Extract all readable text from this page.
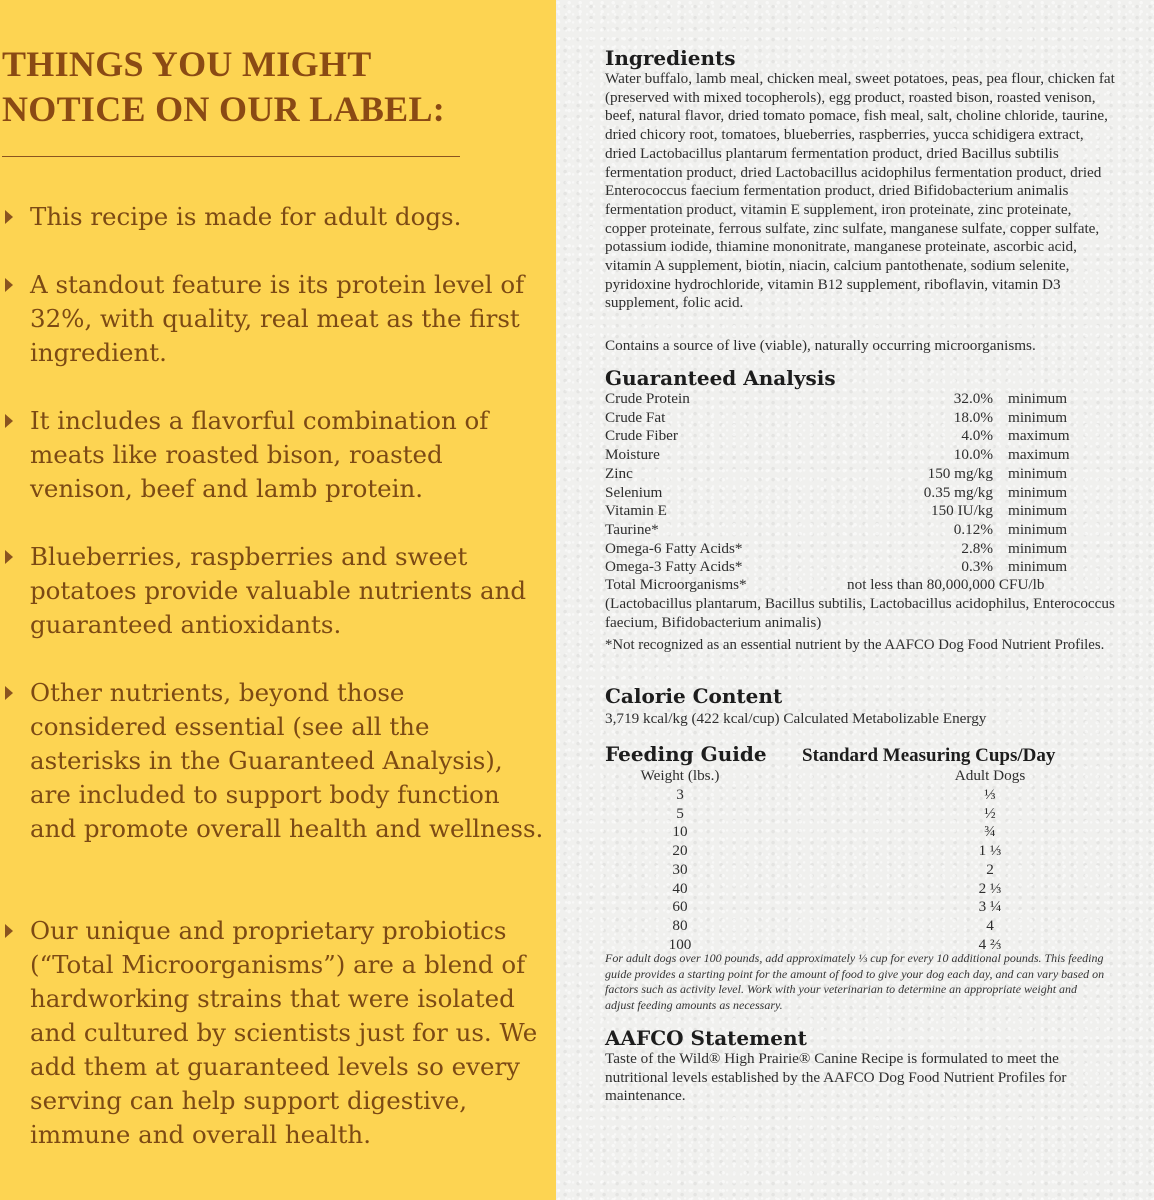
THINGS YOU MIGHT
NOTICE ON OUR LABEL:
This recipe is made for adult dogs.
A standout feature is its protein level of 32%, with quality, real meat as the first ingredient.
It includes a flavorful combination of meats like roasted bison, roasted venison, beef and lamb protein.
Blueberries, raspberries and sweet potatoes provide valuable nutrients and guaranteed antioxidants.
Other nutrients, beyond those considered essential (see all the asterisks in the Guaranteed Analysis), are included to support body function and promote overall health and wellness.
Our unique and proprietary probiotics (“Total Microorganisms”) are a blend of hardworking strains that were isolated and cultured by scientists just for us. We add them at guaranteed levels so every serving can help support digestive, immune and overall health.
Ingredients
Water buffalo, lamb meal, chicken meal, sweet potatoes, peas, pea flour, chicken fat (preserved with mixed tocopherols), egg product, roasted bison, roasted venison, beef, natural flavor, dried tomato pomace, fish meal, salt, choline chloride, taurine, dried chicory root, tomatoes, blueberries, raspberries, yucca schidigera extract, dried Lactobacillus plantarum fermentation product, dried Bacillus subtilis fermentation product, dried Lactobacillus acidophilus fermentation product, dried Enterococcus faecium fermentation product, dried Bifidobacterium animalis fermentation product, vitamin E supplement, iron proteinate, zinc proteinate, copper proteinate, ferrous sulfate, zinc sulfate, manganese sulfate, copper sulfate, potassium iodide, thiamine mononitrate, manganese proteinate, ascorbic acid, vitamin A supplement, biotin, niacin, calcium pantothenate, sodium selenite, pyridoxine hydrochloride, vitamin B12 supplement, riboflavin, vitamin D3 supplement, folic acid.
Contains a source of live (viable), naturally occurring microorganisms.
Guaranteed Analysis
Crude Protein	32.0% minimum
Crude Fat	18.0% minimum
Crude Fiber	4.0% maximum
Moisture	10.0% maximum
Zinc	150 mg/kg minimum
Selenium	0.35 mg/kg minimum
Vitamin E	150 IU/kg minimum
Taurine*	0.12% minimum
Omega-6 Fatty Acids*	2.8% minimum
Omega-3 Fatty Acids*	0.3% minimum
Total Microorganisms*	not less than 80,000,000 CFU/lb
(Lactobacillus plantarum, Bacillus subtilis, Lactobacillus acidophilus, Enterococcus faecium, Bifidobacterium animalis)
*Not recognized as an essential nutrient by the AAFCO Dog Food Nutrient Profiles.
Calorie Content
3,719 kcal/kg (422 kcal/cup) Calculated Metabolizable Energy
Feeding Guide Standard Measuring Cups/Day
Weight (lbs.)	Adult Dogs
3	⅓
5	½
10	¾
20	1 ⅓
30	2
40	2 ⅓
60	3 ¼
80	4
100	4 ⅔
For adult dogs over 100 pounds, add approximately ⅓ cup for every 10 additional pounds. This feeding guide provides a starting point for the amount of food to give your dog each day, and can vary based on factors such as activity level. Work with your veterinarian to determine an appropriate weight and adjust feeding amounts as necessary.
AAFCO Statement
Taste of the Wild® High Prairie® Canine Recipe is formulated to meet the nutritional levels established by the AAFCO Dog Food Nutrient Profiles for maintenance.
